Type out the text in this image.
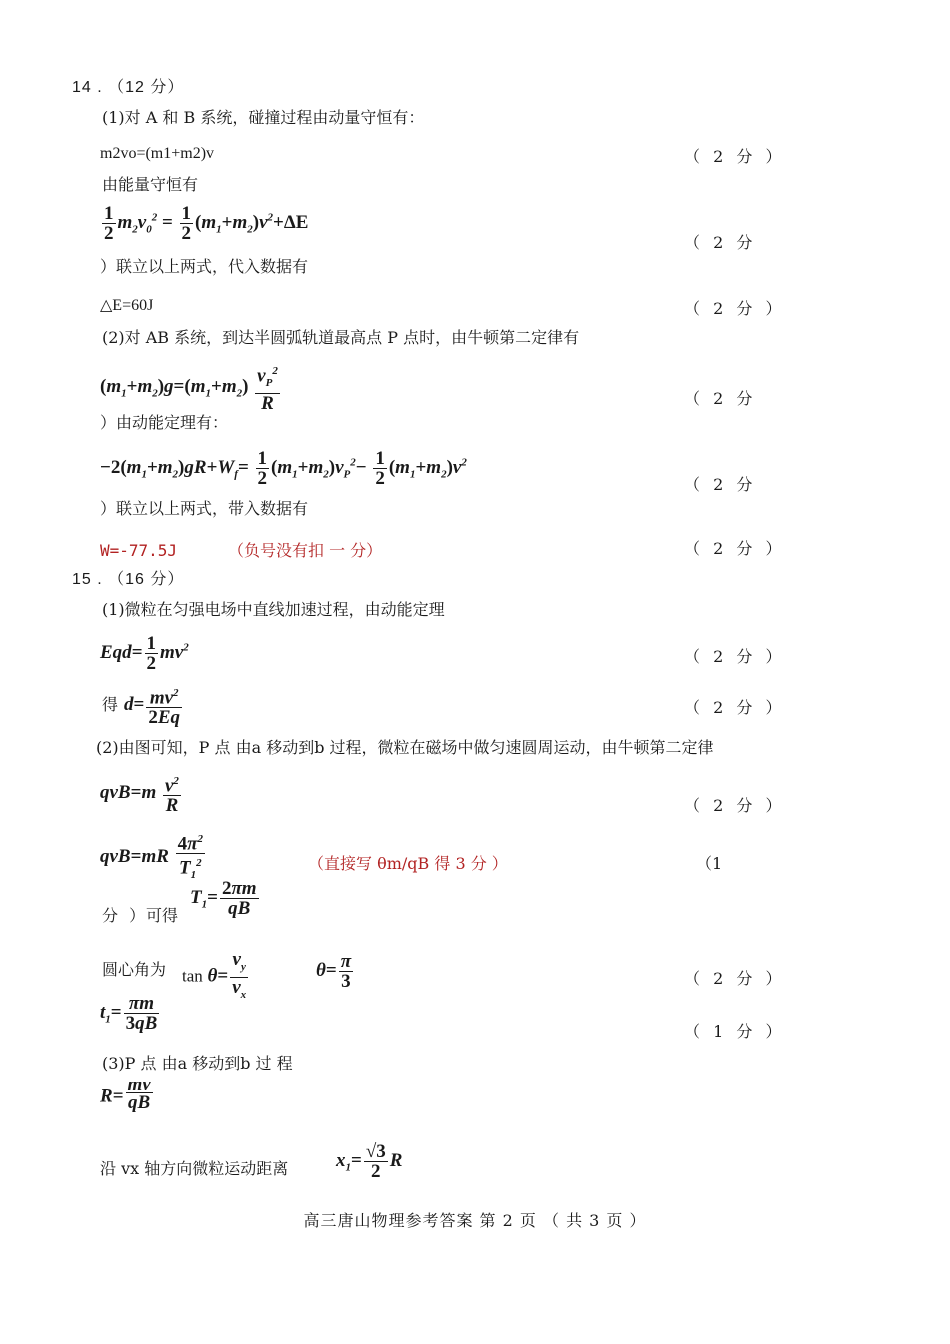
14 . （12 分）
(1)对 A 和 B 系统，碰撞过程由动量守恒有：
m2vo=(m1+m2)v	（ 2 分 ）
由能量守恒有
$\frac{1}{2} m_2v_0^2 = \frac{1}{2} (m_1+m_2)v^2+\Delta E$
（ 2 分
）联立以上两式，代入数据有
△E=60J	（ 2 分 ）
(2)对 AB 系统，到达半圆弧轨道最高点 P 点时，由牛顿第二定律有
$(m_1+m_2)g=(m_1+m_2) \frac{v_P^2}{R}$	（ 2 分
）由动能定理有：
$-2(m_1+m_2)gR+W_f= \frac{1}{2} (m_1+m_2)v_P^2- \frac{1}{2} (m_1+m_2)v^2$
（ 2 分
）联立以上两式，带入数据有
W=-77.5J	（负号没有扣 一 分）	（ 2 分 ）
15 . （16 分）
(1)微粒在匀强电场中直线加速过程，由动能定理
$Eqd= \frac{1}{2} mv^2$	（ 2 分 ）
得 $d= \frac{mv^2}{2Eq}$	（ 2 分 ）
(2)由图可知，P 点 由a 移动到b 过程，微粒在磁场中做匀速圆周运动，由牛顿第二定律
$qvB=m \frac{v^2}{R}$	（ 2 分 ）
$qvB=mR \frac{4\pi^2}{T_1^2}$	（直接写 θm/qB 得 3 分 ）	（1
分 ）
可得
$T_1= \frac{2\pi m}{qB}$
圆心角为 $\tan \theta= \frac{v_y}{v_x}$	$\theta= \frac{\pi}{3}$	（ 2 分 ）
$t_1= \frac{\pi m}{3qB}$	（ 1 分 ）
(3)P 点 由a 移动到b 过 程
$R= \frac{mv}{qB}$
沿 vx 轴方向微粒运动距离	$x_1= \frac{√3}{2}$ R
高三唐山物理参考答案 第 2 页 （ 共 3 页 ）
